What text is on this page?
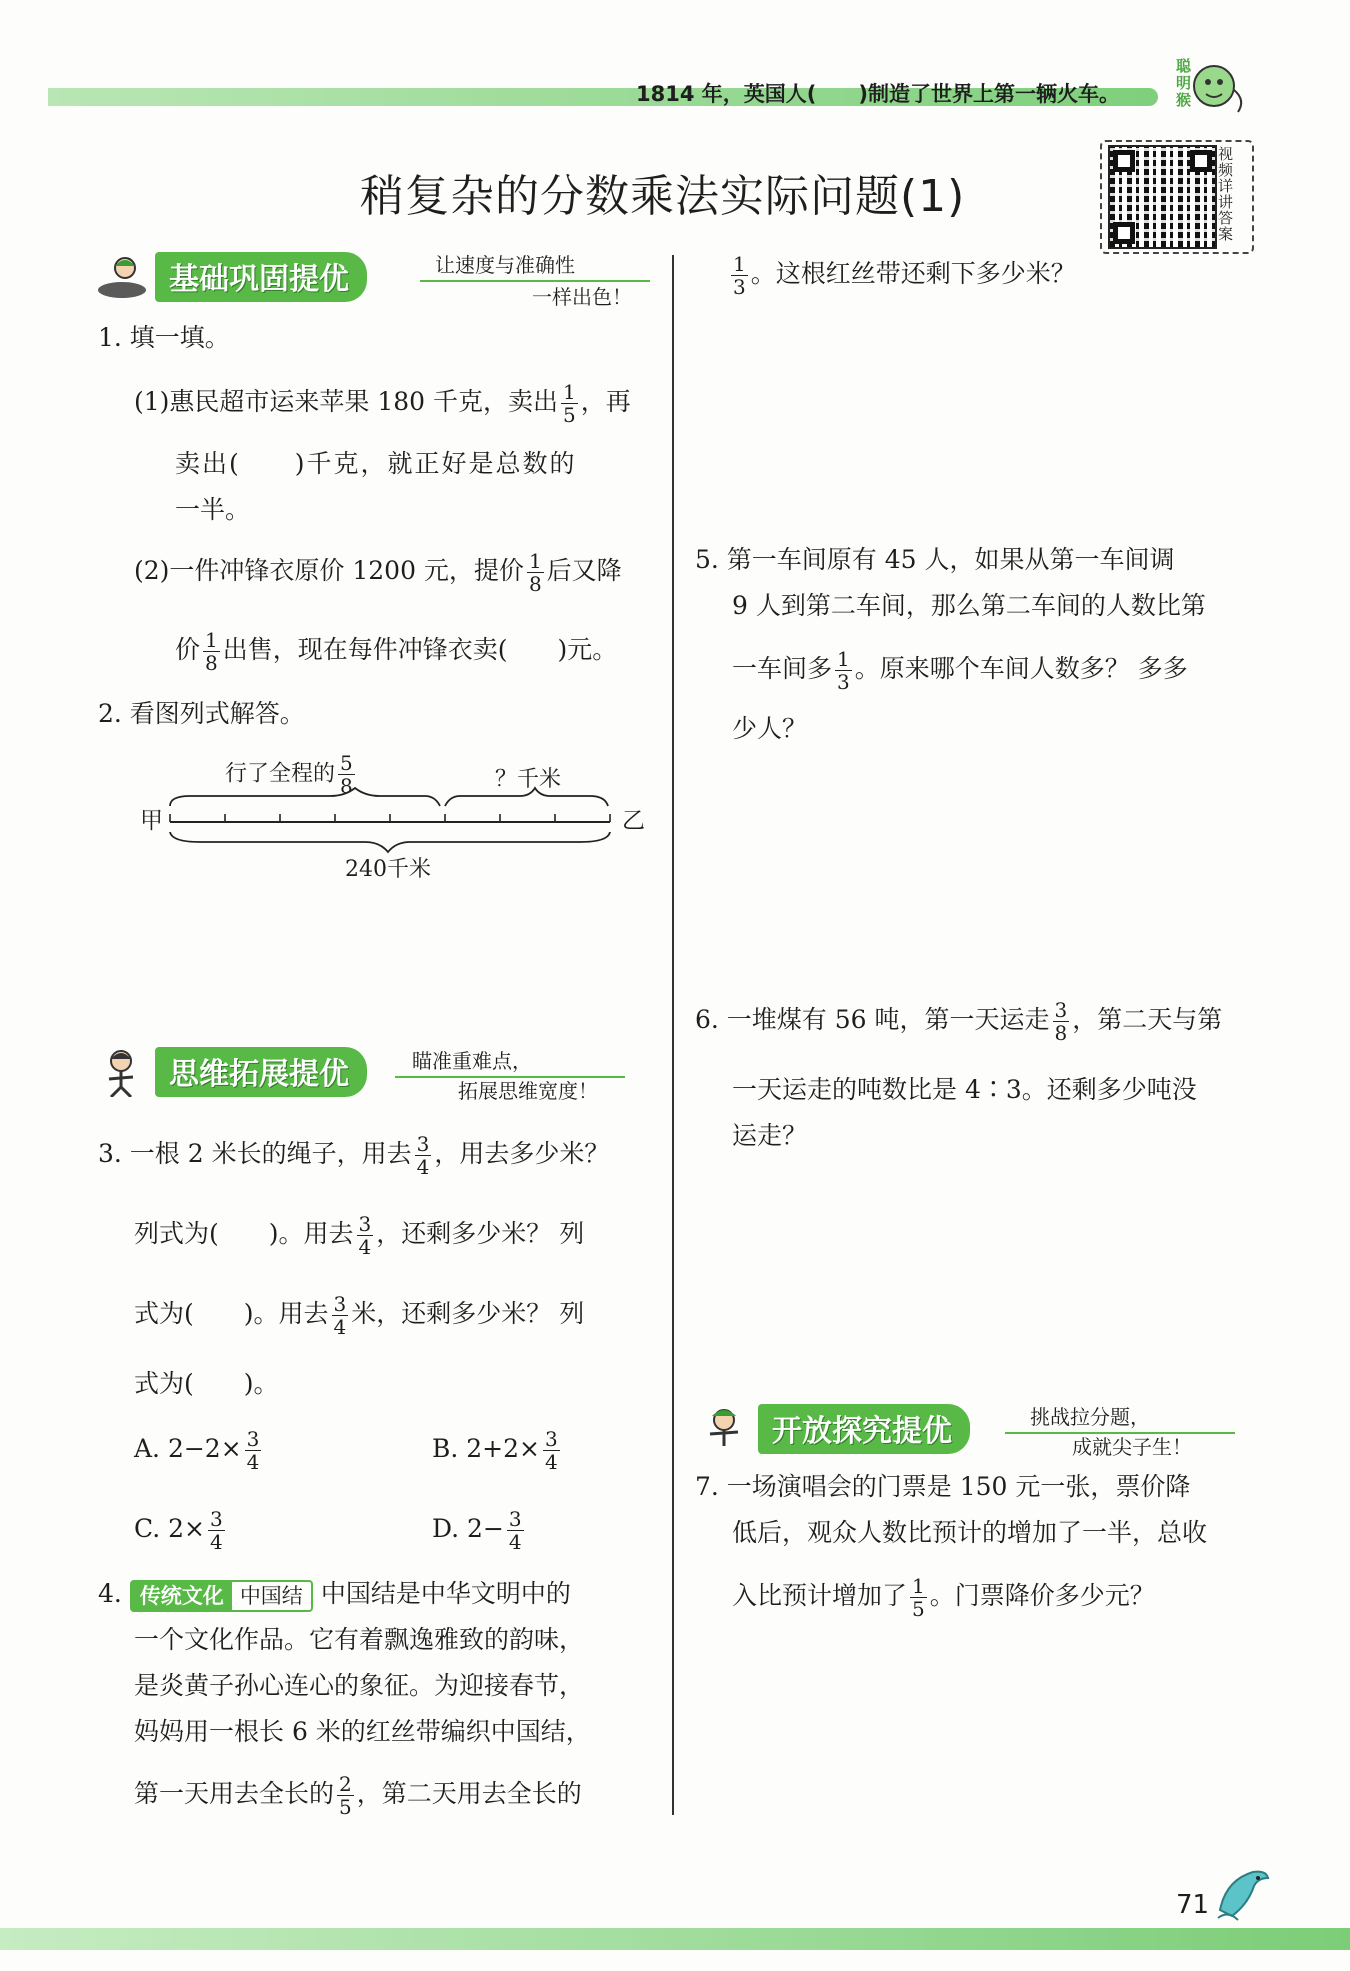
1814 年，英国人(　　)制造了世界上第一辆火车。
聪明猴
稍复杂的分数乘法实际问题(1)
视频详讲答案
基础巩固提优	让速度与准确性
一样出色！
1. 填一填。
(1)惠民超市运来苹果 180 千克，卖出 $\frac{1}{5}$ ，再
卖出(　　)千克，就正好是总数的
一半。
(2)一件冲锋衣原价 1200 元，提价 $\frac{1}{8}$ 后又降
价 $\frac{1}{8}$ 出售，现在每件冲锋衣卖(　　)元。
2. 看图列式解答。
行了全程的 $\frac{5}{8}$	？千米
甲	乙
240千米
思维拓展提优	瞄准重难点，
拓展思维宽度！
3. 一根 2 米长的绳子，用去 $\frac{3}{4}$ ，用去多少米？
列式为(　　)。用去 $\frac{3}{4}$ ，还剩多少米？ 列
式为(　　)。用去 $\frac{3}{4}$ 米，还剩多少米？ 列
式为(　　)。
A. $2-2\times \frac{3}{4}$	B. $2+2\times \frac{3}{4}$
C. $2\times \frac{3}{4}$	D. $2- \frac{3}{4}$
4. 传统文化 中国结 中国结是中华文明中的
一个文化作品。它有着飘逸雅致的韵味，
是炎黄子孙心连心的象征。为迎接春节，
妈妈用一根长 6 米的红丝带编织中国结，
第一天用去全长的 $\frac{2}{5}$ ，第二天用去全长的
$\frac{1}{3}$ 。这根红丝带还剩下多少米？
5. 第一车间原有 45 人，如果从第一车间调
9 人到第二车间，那么第二车间的人数比第
一车间多 $\frac{1}{3}$ 。原来哪个车间人数多？ 多多
少人？
6. 一堆煤有 56 吨，第一天运走 $\frac{3}{8}$ ，第二天与第
一天运走的吨数比是 4∶3。还剩多少吨没
运走？
开放探究提优	挑战拉分题，
成就尖子生！
7. 一场演唱会的门票是 150 元一张，票价降
低后，观众人数比预计的增加了一半，总收
入比预计增加了 $\frac{1}{5}$ 。门票降价多少元？
71
